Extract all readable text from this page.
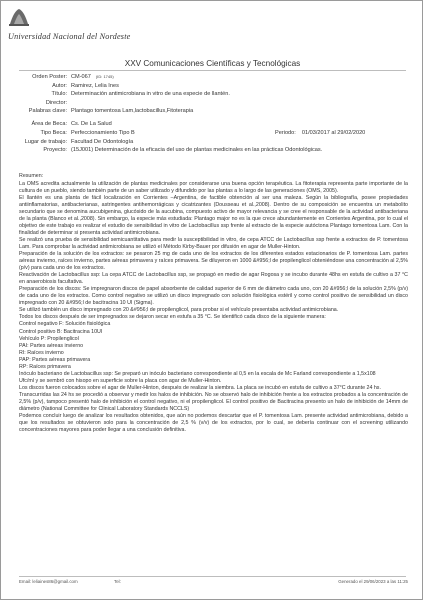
Universidad Nacional del Nordeste
XXV Comunicaciones Científicas y Tecnológicas
Orden Poster: CM-067 (ID: 1745)
Autor: Ramirez, Lelia Ines
Título: Determinación antimicrobiana in vitro de una especie de llantén.
Director:
Palabras clave: Plantago tomentosa Lam,lactobacillus,Fitoterapia
Área de Beca: Cs. De La Salud
Tipo Beca: Perfeccionamiento Tipo B	Periodo: 01/03/2017 al 29/02/2020
Lugar de trabajo: Facultad De Odontología
Proyecto: (15J001) Determinación de la eficacia del uso de plantas medicinales en las prácticas Odontológicas.
Resumen:

La OMS acredita actualmente la utilización de plantas medicinales por considerarse una buena opción terapéutica. La fitoterapia representa parte importante de la cultura de un pueblo, siendo también parte de un saber utilizado y difundido por las plantas a lo largo de las generaciones (OMS, 2005).

El llantén es una planta de fácil localización en Corrientes –Argentina, de factible obtención al ser una maleza. Según la bibliografía, posee propiedades antiinflamatorias, antibacterianas, astringentes antihemorrágicas y cicatrizantes (Dousseau et al.,2008). Dentro de su composición se encuentra un metabolito secundario que se denomina aucubigenina, glucósido de la aucubina, compuesto activo de mayor relevancia y se cree el responsable de la actividad antibacteriana de la planta (Blanco et al.,2008). Sin embargo, la especie más estudiada: Plantago major no es la que crece abundantemente en Corrientes Argentina, por lo cual el objetivo de este trabajo es realizar el estudio de sensibilidad in vitro de Lactobacillus ssp frente al extracto de la especie autóctona Plantago tomentosa Lam. Con la finalidad de determinar si presenta actividad antimicrobiana.

Se realizó una prueba de sensibilidad semicuantitativa para medir la susceptibilidad in vitro, de cepa ATCC de Lactobacillus ssp frente a extractos de P. tomentosa Lam. Para comprobar la actividad antimicrobiana se utilizó el Método Kirby-Bauer por difusión en agar de Muller-Hinton.

Preparación de la solución de los extractos: se pesaron 25 mg de cada uno de los extractos de los diferentes estados estacionarios de P. tomentosa Lam. partes aéreas invierno, raíces invierno, partes aéreas primavera y raíces primavera. Se diluyeron en 1000 &#956;l de propilenglicol obteniéndose una concentración al 2,5% (p/v) para cada uno de los extractos.

Reactivación de Lactobacillus ssp: La cepa ATCC de Lactobacillus ssp, se propagó en medio de agar Rogosa y se incubo durante 48hs en estufa de cultivo a 37 °C en anaerobiosis facultativa.

Preparación de los discos: Se impregnaron discos de papel absorbente de calidad superior de 6 mm de diámetro cada uno, con 20 &#956;l de la solución 2,5% (p/v) de cada uno de los extractos. Como control negativo se utilizó un disco impregnado con solución fisiológica estéril y como control positivo de sensibilidad un disco impregnado con 20 &#956;l de bacitracina 10 UI (Sigma).

Se utilizó también un disco impregnado con 20 &#956;l de propilenglicol, para probar si el vehículo presentaba actividad antimicrobiana.

Todos los discos después de ser impregnados se dejaron secar en estufa a 35 °C. Se identificó cada disco de la siguiente manera:

Control negativo F: Solución fisiológica

Control positivo B: Bacitracina 10UI

Vehículo P: Propilenglicol

PAI: Partes aéreas invierno

RI: Raíces invierno

PAP: Partes aéreas primavera

RP: Raíces primavera

Inóculo bacteriano de Lactobacillus ssp: Se preparó un inóculo bacteriano correspondiente al 0,5 en la escala de Mc Farland correspondiente a 1,5x108

Ufc/ml y se sembró con hisopo en superficie sobre la placa con agar de Muller-Hinton.

Los discos fueron colocados sobre el agar de Muller-Hinton, después de realizar la siembra. La placa se incubó en estufa de cultivo a 37°C durante 24 hs.

Transcurridas las 24 hs se procedió a observar y medir los halos de inhibición. No se observó halo de inhibición frente a los extractos probados a la concentración de 2,5% (p/v), tampoco presentó halo de inhibición el control negativo, ni el propilenglicol. El control positivo de Bacitracina presento un halo de inhibición de 14mm de diámetro (National Committee for Clinical Laboratory Standards NCCLS)

Podemos concluir luego de analizar los resultados obtenidos, que aún no podemos descartar que el P. tomentosa Lam. presente actividad antimicrobiana, debido a que los resultados se obtuvieron solo para la concentración de 2,5 % (v/v) de los extractos, por lo cual, se debería continuar con el screening utilizando concentraciones mayores para poder llegar a una conclusión definitiva.

Email: leliaines86@gmail.com	Tel:	Generado el 29/06/2023 a las 11:25
